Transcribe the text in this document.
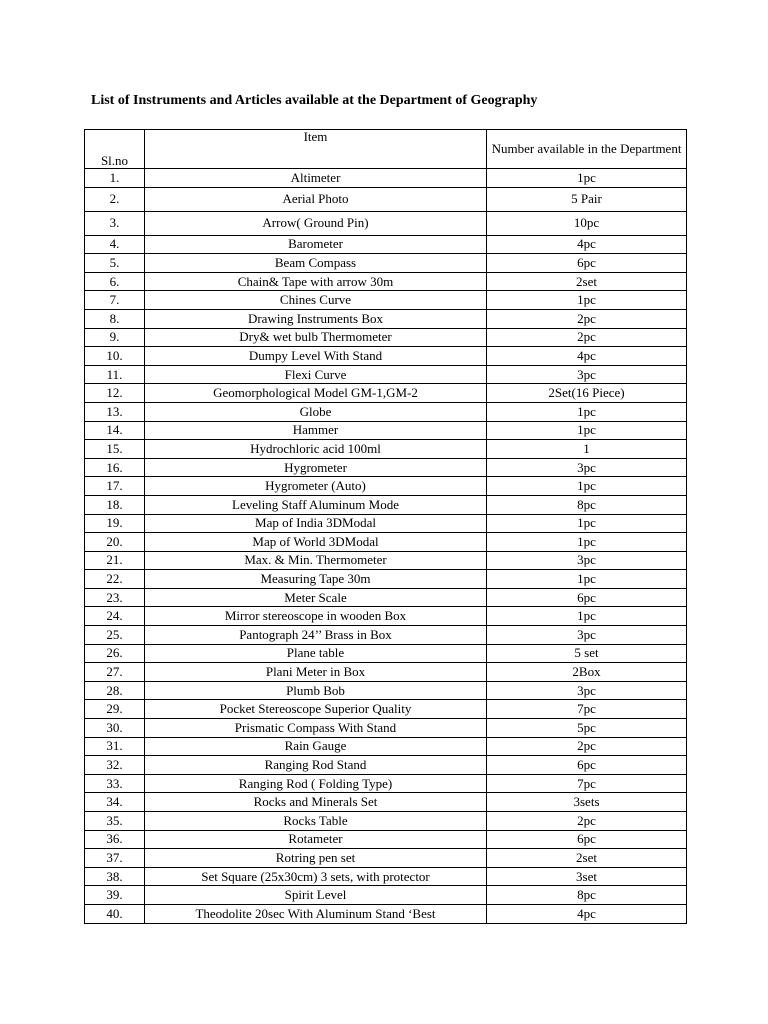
List of Instruments and Articles available at the Department of Geography
Sl.no	Item	Number available in the Department
1.	Altimeter	1pc
2.	Aerial Photo	5 Pair
3.	Arrow( Ground Pin)	10pc
4.	Barometer	4pc
5.	Beam Compass	6pc
6.	Chain& Tape with arrow 30m	2set
7.	Chines Curve	1pc
8.	Drawing Instruments Box	2pc
9.	Dry& wet bulb Thermometer	2pc
10.	Dumpy Level With Stand	4pc
11.	Flexi Curve	3pc
12.	Geomorphological Model GM-1,GM-2	2Set(16 Piece)
13.	Globe	1pc
14.	Hammer	1pc
15.	Hydrochloric acid 100ml	1
16.	Hygrometer	3pc
17.	Hygrometer (Auto)	1pc
18.	Leveling Staff Aluminum Mode	8pc
19.	Map of India 3DModal	1pc
20.	Map of World 3DModal	1pc
21.	Max. & Min. Thermometer	3pc
22.	Measuring Tape 30m	1pc
23.	Meter Scale	6pc
24.	Mirror stereoscope in wooden Box	1pc
25.	Pantograph 24’’ Brass in Box	3pc
26.	Plane table	5 set
27.	Plani Meter in Box	2Box
28.	Plumb Bob	3pc
29.	Pocket Stereoscope Superior Quality	7pc
30.	Prismatic Compass With Stand	5pc
31.	Rain Gauge	2pc
32.	Ranging Rod Stand	6pc
33.	Ranging Rod ( Folding Type)	7pc
34.	Rocks and Minerals Set	3sets
35.	Rocks Table	2pc
36.	Rotameter	6pc
37.	Rotring pen set	2set
38.	Set Square (25x30cm) 3 sets, with protector	3set
39.	Spirit Level	8pc
40.	Theodolite 20sec With Aluminum Stand ‘Best	4pc
